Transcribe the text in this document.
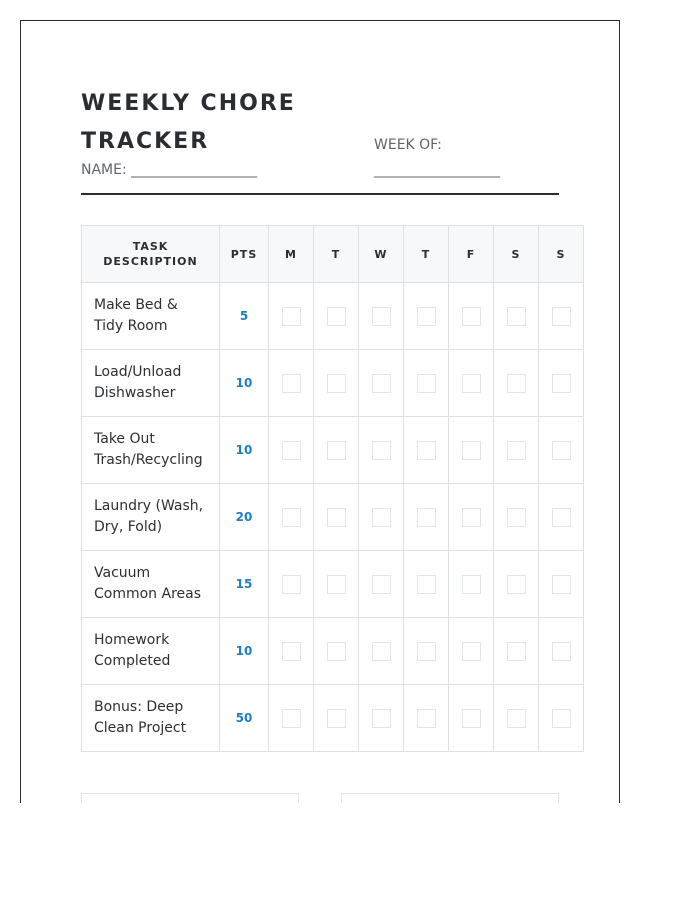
WEEKLY CHORE
TRACKER
NAME: __________________
WEEK OF:
__________________
TASK
DESCRIPTION	PTS	M	T	W	T	F	S	S

Make Bed &
Tidy Room	5							

Load/Unload
Dishwasher	10							

Take Out
Trash/Recycling	10							

Laundry (Wash,
Dry, Fold)	20							

Vacuum
Common Areas	15							

Homework
Completed	10							

Bonus: Deep
Clean Project	50							
